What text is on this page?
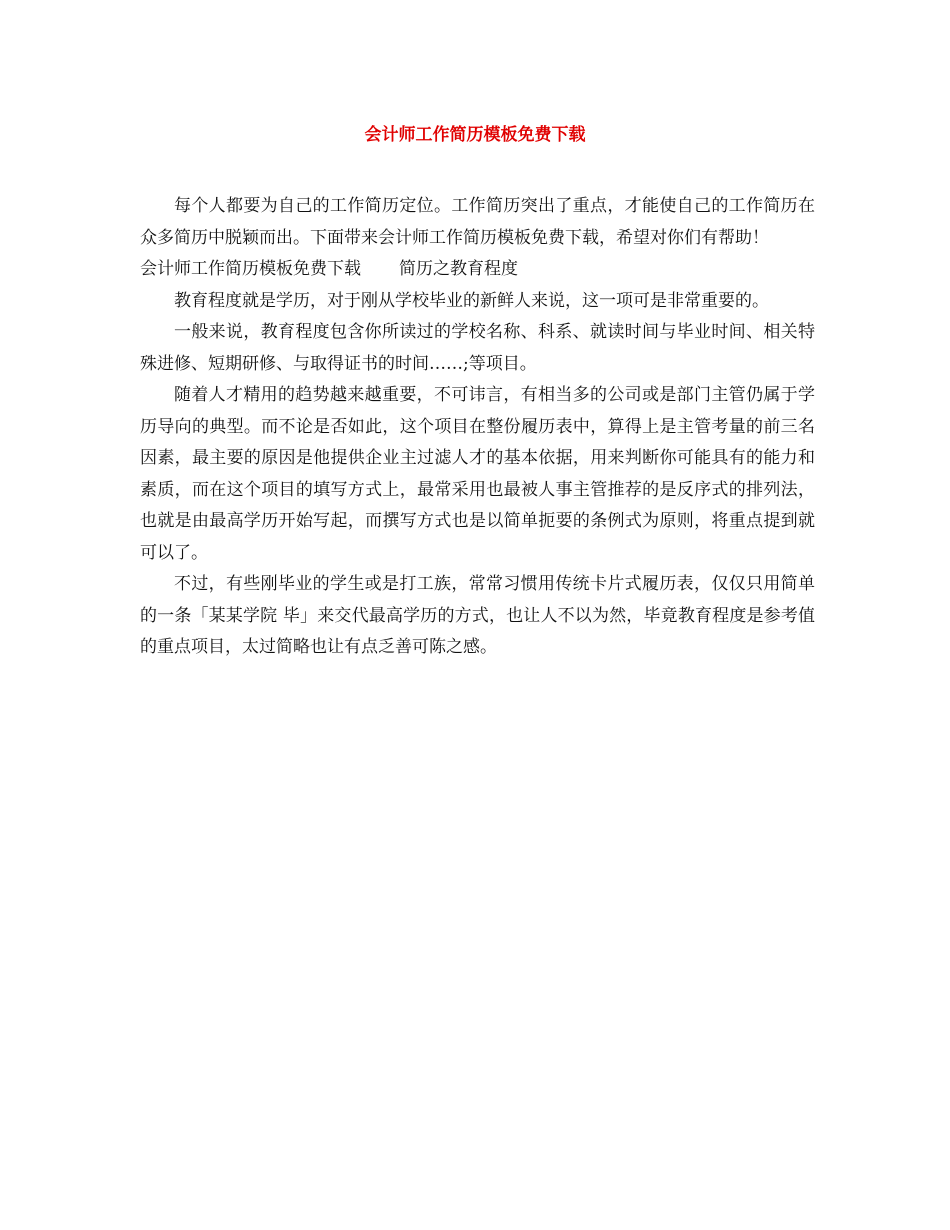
会计师工作简历模板免费下载

每个人都要为自己的工作简历定位。工作简历突出了重点，才能使自己的工作简历在众多简历中脱颖而出。下面带来会计师工作简历模板免费下载，希望对你们有帮助！

会计师工作简历模板免费下载 简历之教育程度

教育程度就是学历，对于刚从学校毕业的新鲜人来说，这一项可是非常重要的。

一般来说，教育程度包含你所读过的学校名称、科系、就读时间与毕业时间、相关特殊进修、短期研修、与取得证书的时间……;等项目。

随着人才精用的趋势越来越重要，不可讳言，有相当多的公司或是部门主管仍属于学历导向的典型。而不论是否如此，这个项目在整份履历表中，算得上是主管考量的前三名因素，最主要的原因是他提供企业主过滤人才的基本依据，用来判断你可能具有的能力和素质，而在这个项目的填写方式上，最常采用也最被人事主管推荐的是反序式的排列法，也就是由最高学历开始写起，而撰写方式也是以简单扼要的条例式为原则，将重点提到就可以了。

不过，有些刚毕业的学生或是打工族，常常习惯用传统卡片式履历表，仅仅只用简单的一条「某某学院 毕」来交代最高学历的方式，也让人不以为然，毕竟教育程度是参考值的重点项目，太过简略也让有点乏善可陈之感。
